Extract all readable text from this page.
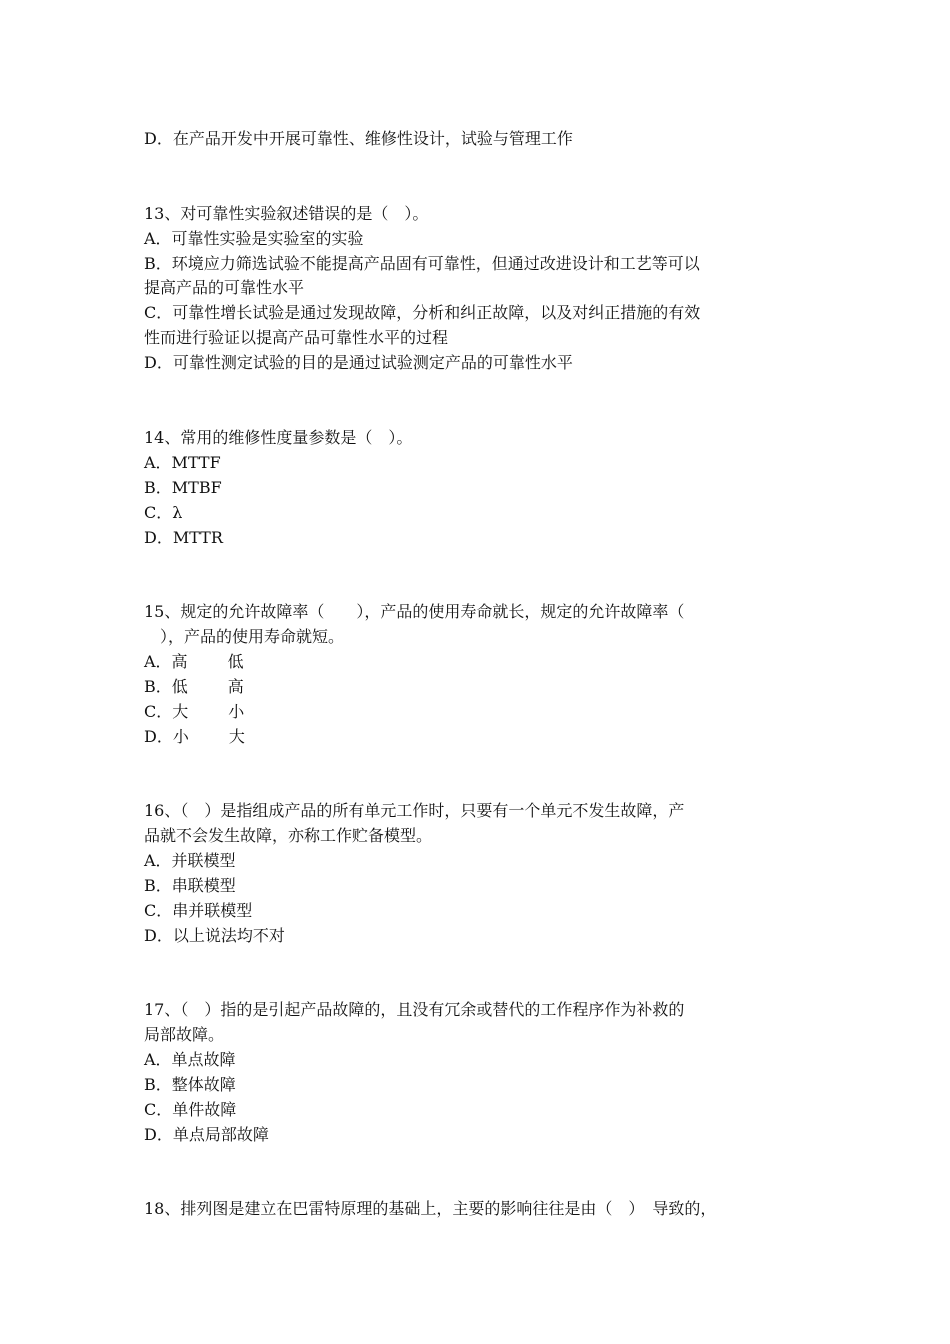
D．在产品开发中开展可靠性、维修性设计，试验与管理工作
13、对可靠性实验叙述错误的是（　）。
A．可靠性实验是实验室的实验
B．环境应力筛选试验不能提高产品固有可靠性，但通过改进设计和工艺等可以
提高产品的可靠性水平
C．可靠性增长试验是通过发现故障，分析和纠正故障，以及对纠正措施的有效
性而进行验证以提高产品可靠性水平的过程
D．可靠性测定试验的目的是通过试验测定产品的可靠性水平
14、常用的维修性度量参数是（　）。
A．MTTF
B．MTBF
C．λ
D．MTTR
15、规定的允许故障率（　　），产品的使用寿命就长，规定的允许故障率（
　），产品的使用寿命就短。
A．高	低
B．低	高
C．大	小
D．小	大
16、（　）是指组成产品的所有单元工作时，只要有一个单元不发生故障，产
品就不会发生故障，亦称工作贮备模型。
A．并联模型
B．串联模型
C．串并联模型
D．以上说法均不对
17、（　）指的是引起产品故障的，且没有冗余或替代的工作程序作为补救的
局部故障。
A．单点故障
B．整体故障
C．单件故障
D．单点局部故障
18、排列图是建立在巴雷特原理的基础上，主要的影响往往是由（　）　导致的，
